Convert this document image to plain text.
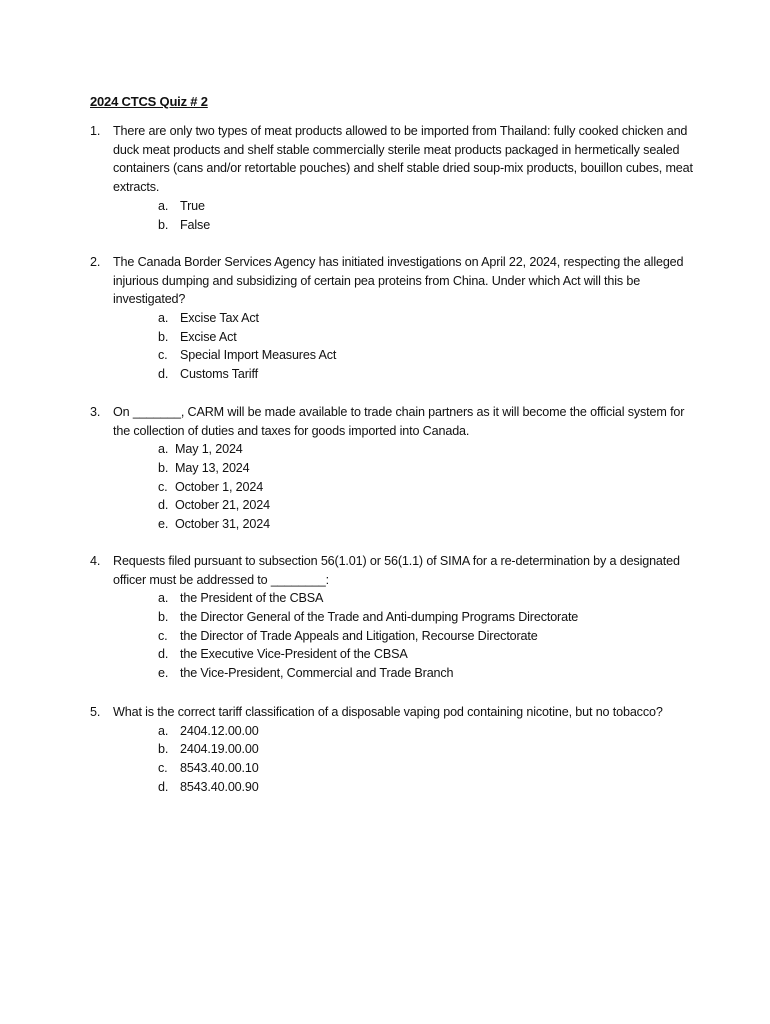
2024 CTCS Quiz # 2
1.	There are only two types of meat products allowed to be imported from Thailand: fully cooked chicken and duck meat products and shelf stable commercially sterile meat products packaged in hermetically sealed containers (cans and/or retortable pouches) and shelf stable dried soup-mix products, bouillon cubes, meat extracts.
a. True
b. False
2.	The Canada Border Services Agency has initiated investigations on April 22, 2024, respecting the alleged injurious dumping and subsidizing of certain pea proteins from China. Under which Act will this be investigated?
a. Excise Tax Act
b. Excise Act
c. Special Import Measures Act
d. Customs Tariff
3.	On _______, CARM will be made available to trade chain partners as it will become the official system for the collection of duties and taxes for goods imported into Canada.
a. May 1, 2024
b. May 13, 2024
c. October 1, 2024
d. October 21, 2024
e. October 31, 2024
4.	Requests filed pursuant to subsection 56(1.01) or 56(1.1) of SIMA for a re-determination by a designated officer must be addressed to ________:
a. the President of the CBSA
b. the Director General of the Trade and Anti-dumping Programs Directorate
c. the Director of Trade Appeals and Litigation, Recourse Directorate
d. the Executive Vice-President of the CBSA
e. the Vice-President, Commercial and Trade Branch
5.	What is the correct tariff classification of a disposable vaping pod containing nicotine, but no tobacco?
a. 2404.12.00.00
b. 2404.19.00.00
c. 8543.40.00.10
d. 8543.40.00.90
